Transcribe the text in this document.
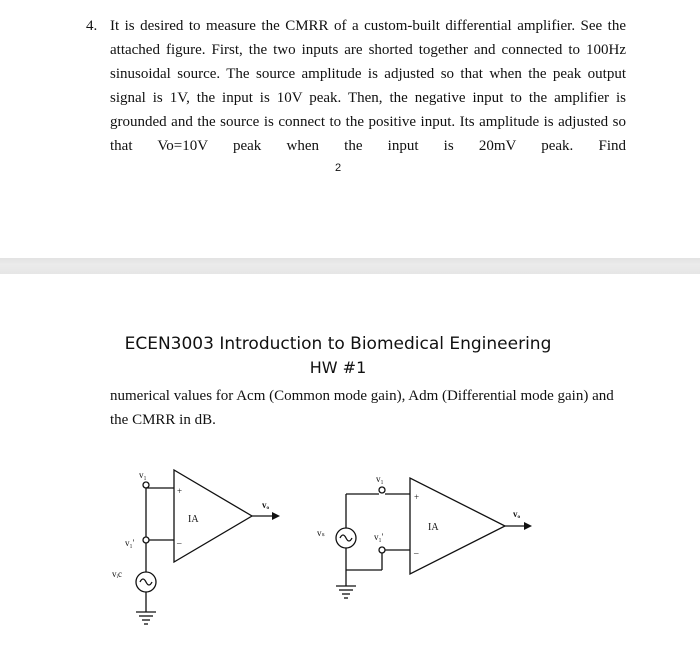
4. It is desired to measure the CMRR of a custom-built differential amplifier. See the attached figure. First, the two inputs are shorted together and connected to 100Hz sinusoidal source. The source amplitude is adjusted so that when the peak output signal is 1V, the input is 10V peak. Then, the negative input to the amplifier is grounded and the source is connect to the positive input. Its amplitude is adjusted so that Vo=10V peak when the input is 20mV peak. Find
2
ECEN3003 Introduction to Biomedical Engineering
HW #1
numerical values for Acm (Common mode gain), Adm (Differential mode gain) and the CMRR in dB.
v₁
+
–
IA
vₒ
v₁'
vᵢc
v₁
+
–
IA
vₒ
v₁'
vₛ
